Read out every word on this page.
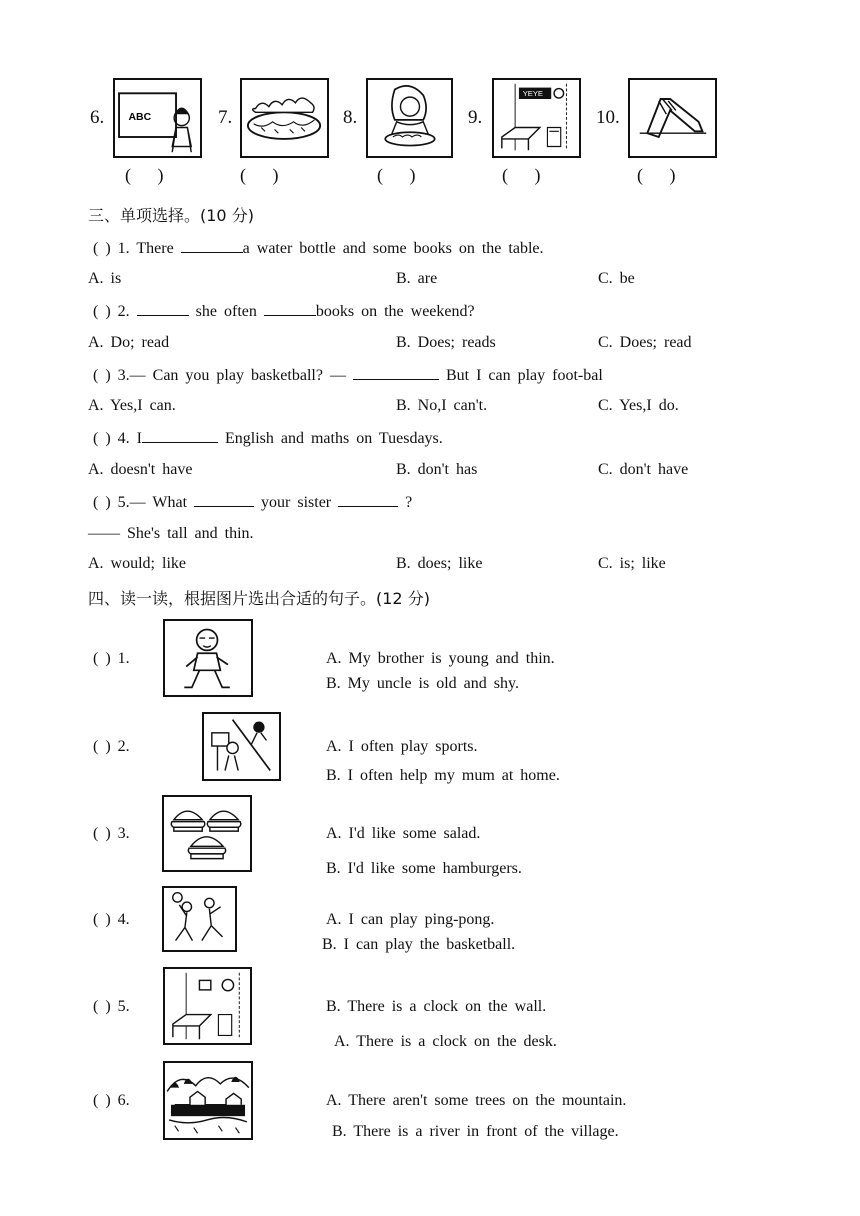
6. ABC
( )
7.
( )
8.
( )
9.
YEYE
( )
10.
( )
三、单项选择。(10 分)
( ) 1. There	a water bottle and some books on the table.
A. is	B. are	C. be
( ) 2.	she often	books on the weekend?
A. Do; read	B. Does; reads	C. Does; read
( ) 3.— Can you play basketball? —	But I can play foot-bal
A. Yes,I can.	B. No,I can't.	C. Yes,I do.
( ) 4. I	English and maths on Tuesdays.
A. doesn't have	B. don't has	C. don't have
( ) 5.— What	your sister	?
—— She's tall and thin.
A. would; like	B. does; like	C. is; like
四、读一读，根据图片选出合适的句子。(12 分)
( ) 1.	A. My brother is young and thin.
B. My uncle is old and shy.
( ) 2.	A. I often play sports.
B. I often help my mum at home.
( ) 3.	A. I'd like some salad.
B. I'd like some hamburgers.
( ) 4.	A. I can play ping-pong.
B. I can play the basketball.
( ) 5.	B. There is a clock on the wall.
A. There is a clock on the desk.
( ) 6.	A. There aren't some trees on the mountain.
B. There is a river in front of the village.
